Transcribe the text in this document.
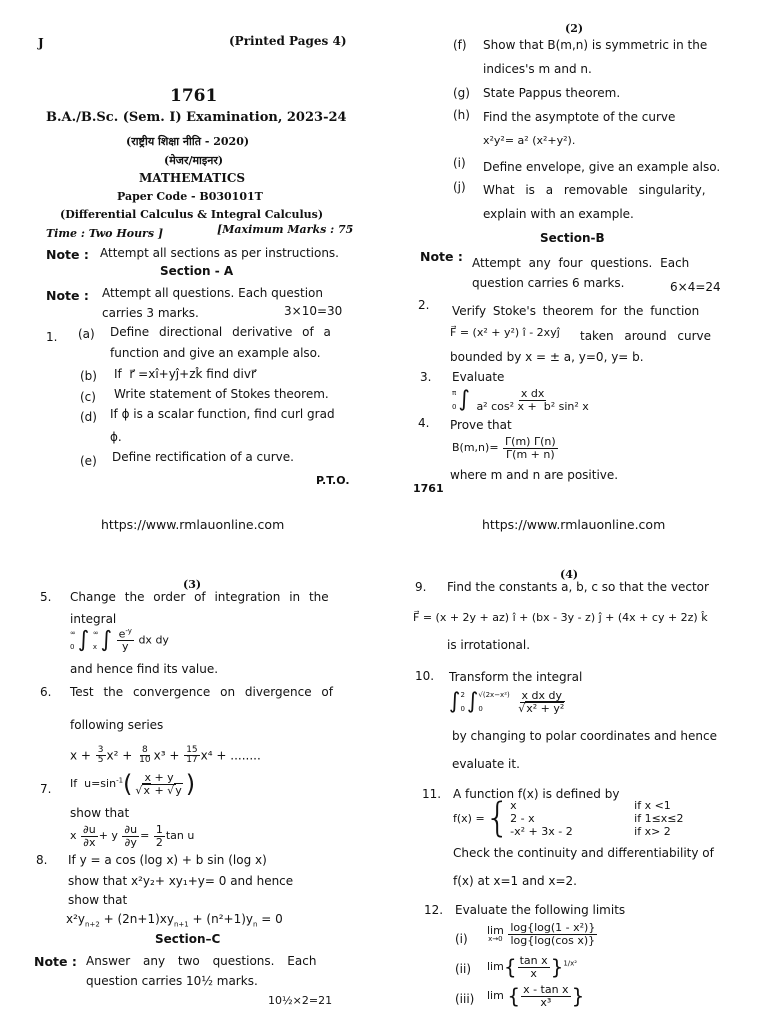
J	(Printed Pages 4)
1761
B.A./B.Sc. (Sem. I) Examination, 2023-24
(राष्ट्रीय शिक्षा नीति - 2020)
(मेजर/माइनर)
MATHEMATICS
Paper Code - B030101T
(Differential Calculus & Integral Calculus)
Time : Two Hours ]	[Maximum Marks : 75
Note : Attempt all sections as per instructions.
Section - A
Note : Attempt all questions. Each question
carries 3 marks.	3×10=30
1. (a) Define directional derivative of a
function and give an example also.
(b) If  r⃗ =xî+yĵ+zk̂ find divr⃗
(c) Write statement of Stokes theorem.
(d) If ϕ is a scalar function, find curl grad
ϕ.
(e) Define rectification of a curve.
P.T.O.
https://www.rmlauonline.com
(2)
(f) Show that B(m,n) is symmetric in the
indices's m and n.
(g) State Pappus theorem.
(h) Find the asymptote of the curve
x²y²= a² (x²+y²).
(i) Define envelope, give an example also.
(j) What is a removable singularity,
explain with an example.
Section-B
Note : Attempt any four questions. Each
question carries 6 marks.	6×4=24
2. Verify Stoke's theorem for the function
F⃗ = (x² + y²) î - 2xyĵ taken around curve
bounded by x = ± a, y=0, y= b.
3. Evaluate
π

0 ∫ $\frac{\text{x dx}}{\text{a² cos² x +  b² sin² x}}$
4. Prove that
$B(m,n)= \frac{\Gamma(m) \Gamma(n)}{\Gamma(m + n)}$
where m and n are positive.
1761
https://www.rmlauonline.com
(3)
5. Change the order of integration in the
integral
∞

0 ∫ ∞

x ∫ $\frac{e^{-y}}{y}$ dx dy
and hence find its value.
6. Test the convergence on divergence of
following series
$x + \frac{3}{5} x^2 + \frac{8}{10} x^3 + \frac{15}{17} x^4$ + ........
7. If  $u=\sin^{-1}( \frac{x + y}{√x + √y}$ )
show that
x $\frac{\partial u}{\partial x} + y \frac{\partial u}{\partial y} = \frac{1}{2}$ tan u
8. If y = a cos (log x) + b sin (log x)
show that x²y₂+ xy₁+y= 0 and hence
show that
$x^2y_{n+2} + (2n+1)xy_{n+1} + (n^2+1)y_n = 0$
Section–C
Note : Answer any two questions. Each
question carries 10½ marks.
10½×2=21
(4)
9. Find the constants a, b, c so that the vector
F⃗ = (x + 2y + az) î + (bx - 3y - z) ĵ + (4x + cy + 2z) k̂
is irrotational.
10. Transform the integral
∫ 2

0 ∫ √(2x−x²)

0
	$\frac{\text{x dx dy}}{\text{√x² + y²}}$
by changing to polar coordinates and hence
evaluate it.
11. A function f(x) is defined by
f(x) = { x	if x <1
2 - x	if 1≤x≤2
-x² + 3x - 2	if x> 2
Check the continuity and differentiability of
f(x) at x=1 and x=2.
12. Evaluate the following limits
(i)
lim
x→0
$\frac{\text{log\{log(1 - x²)\}}}{\text{log\{log(cos x)\}}}$
(ii) $\lim\{ \frac{\text{tan x}}{x} \}^{1/x^2}$
(iii) lim { $\frac{\text{x - tan x}}{\text{x³}}$ }
